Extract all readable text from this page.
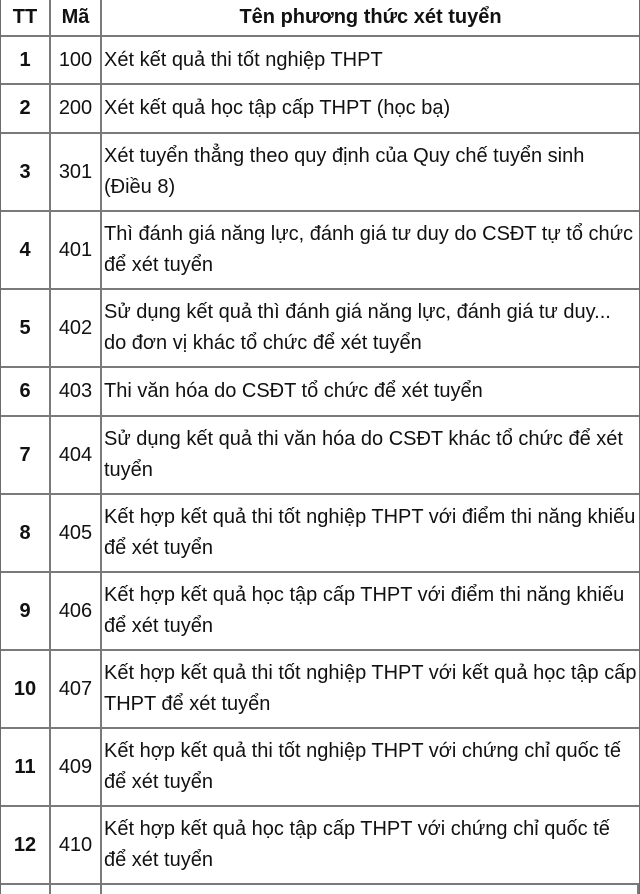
TT	Mã	Tên phương thức xét tuyển
1	100 Xét kết quả thi tốt nghiệp THPT
2	200 Xét kết quả học tập cấp THPT (học bạ)
3	301
Xét tuyển thẳng theo quy định của Quy chế tuyển sinh (Điều 8)
4	401
Thì đánh giá năng lực, đánh giá tư duy do CSĐT tự tổ chức để xét tuyển
5	402
Sử dụng kết quả thì đánh giá năng lực, đánh giá tư duy... do đơn vị khác tổ chức để xét tuyển
6	403 Thi văn hóa do CSĐT tổ chức để xét tuyển
7	404
Sử dụng kết quả thi văn hóa do CSĐT khác tổ chức để xét tuyển
8	405
Kết hợp kết quả thi tốt nghiệp THPT với điểm thi năng khiếu để xét tuyển
9	406
Kết hợp kết quả học tập cấp THPT với điểm thi năng khiếu để xét tuyển
10	407
Kết hợp kết quả thi tốt nghiệp THPT với kết quả học tập cấp THPT để xét tuyển
11	409
Kết hợp kết quả thi tốt nghiệp THPT với chứng chỉ quốc tế để xét tuyển
12	410
Kết hợp kết quả học tập cấp THPT với chứng chỉ quốc tế để xét tuyển
